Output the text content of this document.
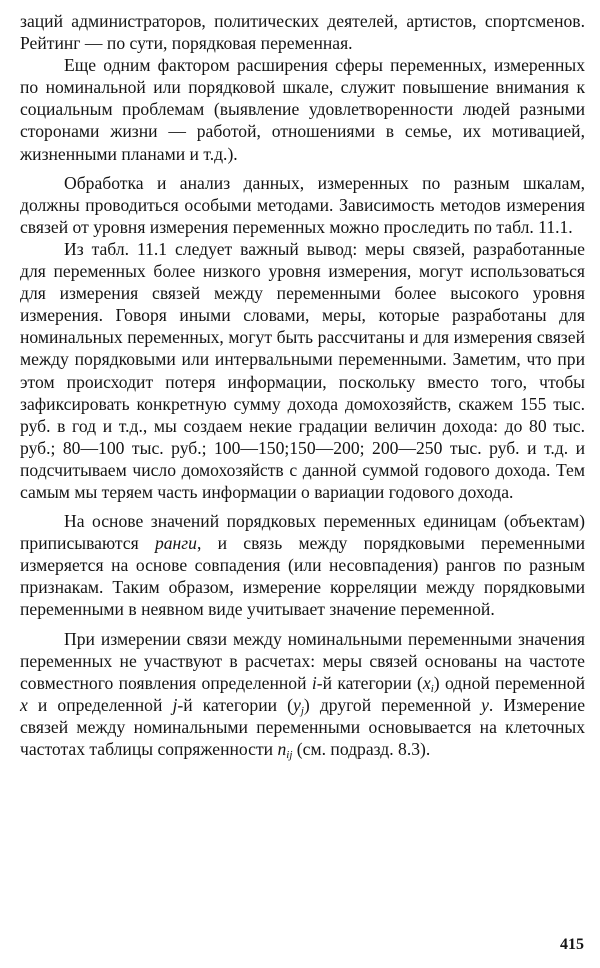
заций администраторов, политических деятелей, артистов, спортсменов. Рейтинг — по сути, порядковая переменная.

Еще одним фактором расширения сферы переменных, измеренных по номинальной или порядковой шкале, служит повышение внимания к социальным проблемам (выявление удовлетворенности людей разными сторонами жизни — работой, отношениями в семье, их мотивацией, жизненными планами и т.д.).

Обработка и анализ данных, измеренных по разным шкалам, должны проводиться особыми методами. Зависимость методов измерения связей от уровня измерения переменных можно проследить по табл. 11.1.

Из табл. 11.1 следует важный вывод: меры связей, разработанные для переменных более низкого уровня измерения, могут использоваться для измерения связей между переменными более высокого уровня измерения. Говоря иными словами, меры, которые разработаны для номинальных переменных, могут быть рассчитаны и для измерения связей между порядковыми или интервальными переменными. Заметим, что при этом происходит потеря информации, поскольку вместо того, чтобы зафиксировать конкретную сумму дохода домохозяйств, скажем 155 тыс. руб. в год и т.д., мы создаем некие градации величин дохода: до 80 тыс. руб.; 80—100 тыс. руб.; 100—150;150—200; 200—250 тыс. руб. и т.д. и подсчитываем число домохозяйств с данной суммой годового дохода. Тем самым мы теряем часть информации о вариации годового дохода.

На основе значений порядковых переменных единицам (объектам) приписываются ранги, и связь между порядковыми переменными измеряется на основе совпадения (или несовпадения) рангов по разным признакам. Таким образом, измерение корреляции между порядковыми переменными в неявном виде учитывает значение переменной.

При измерении связи между номинальными переменными значения переменных не участвуют в расчетах: меры связей основаны на частоте совместного появления определенной i-й категории $(x_i)$ одной переменной x и определенной j-й категории $(y_j)$ другой переменной y. Измерение связей между номинальными переменными основывается на клеточных частотах таблицы сопряженности $n_{ij}$ (см. подразд. 8.3).

415
